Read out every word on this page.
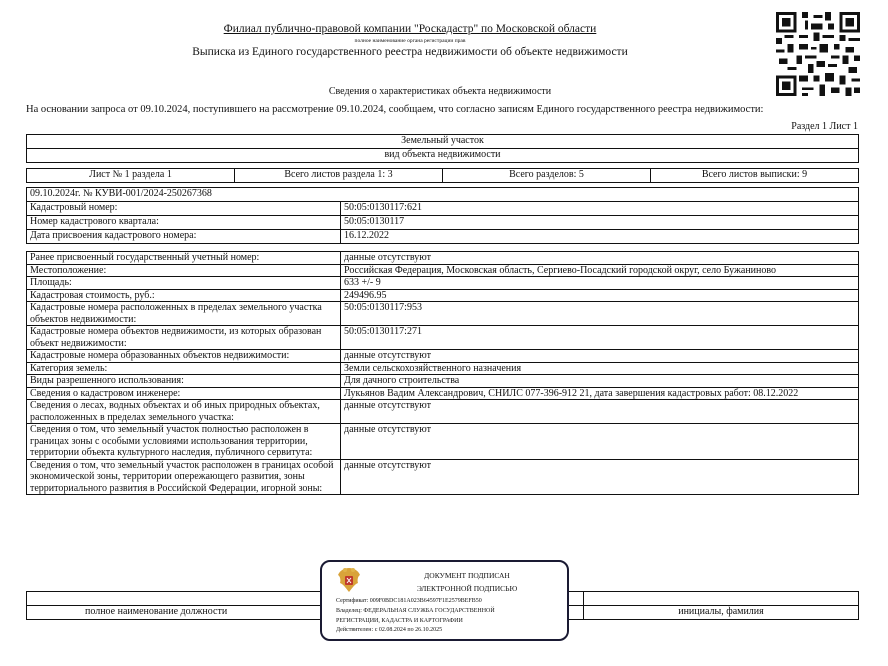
Филиал публично-правовой компании "Роскадастр" по Московской области
полное наименование органа регистрации прав
Выписка из Единого государственного реестра недвижимости об объекте недвижимости
Сведения о характеристиках объекта недвижимости
На основании запроса от 09.10.2024, поступившего на рассмотрение 09.10.2024, сообщаем, что согласно записям Единого государственного реестра недвижимости:
Раздел 1 Лист 1
Земельный участок
вид объекта недвижимости
Лист № 1 раздела 1	Всего листов раздела 1: 3	Всего разделов: 5	Всего листов выписки: 9
09.10.2024г. № КУВИ-001/2024-250267368	
Кадастровый номер:	50:05:0130117:621
Номер кадастрового квартала:	50:05:0130117
Дата присвоения кадастрового номера:	16.12.2022
Ранее присвоенный государственный учетный номер:	данные отсутствуют
Местоположение:	Российская Федерация, Московская область, Сергиево-Посадский городской округ, село Бужаниново
Площадь:	633 +/- 9
Кадастровая стоимость, руб.:	249496.95
Кадастровые номера расположенных в пределах земельного участка объектов недвижимости:	50:05:0130117:953
Кадастровые номера объектов недвижимости, из которых образован объект недвижимости:	50:05:0130117:271
Кадастровые номера образованных объектов недвижимости:	данные отсутствуют
Категория земель:	Земли сельскохозяйственного назначения
Виды разрешенного использования:	Для дачного строительства
Сведения о кадастровом инженере:	Лукьянов Вадим Александрович, СНИЛС 077-396-912 21, дата завершения кадастровых работ: 08.12.2022
Сведения о лесах, водных объектах и об иных природных объектах, расположенных в пределах земельного участка:	данные отсутствуют
Сведения о том, что земельный участок полностью расположен в границах зоны с особыми условиями использования территории, территории объекта культурного наследия, публичного сервитута:	данные отсутствуют
Сведения о том, что земельный участок расположен в границах особой экономической зоны, территории опережающего развития, зоны территориального развития в Российской Федерации, игорной зоны:	данные отсутствуют

полное наименование должности	инициалы, фамилия
ДОКУМЕНТ ПОДПИСАН
ЭЛЕКТРОННОЙ ПОДПИСЬЮ
Сертификат: 009F0BDC181A023B64597F1E2579BEFB50
Владелец: ФЕДЕРАЛЬНАЯ СЛУЖБА ГОСУДАРСТВЕННОЙ
РЕГИСТРАЦИИ, КАДАСТРА И КАРТОГРАФИИ
Действителен: с 02.08.2024 по 26.10.2025
